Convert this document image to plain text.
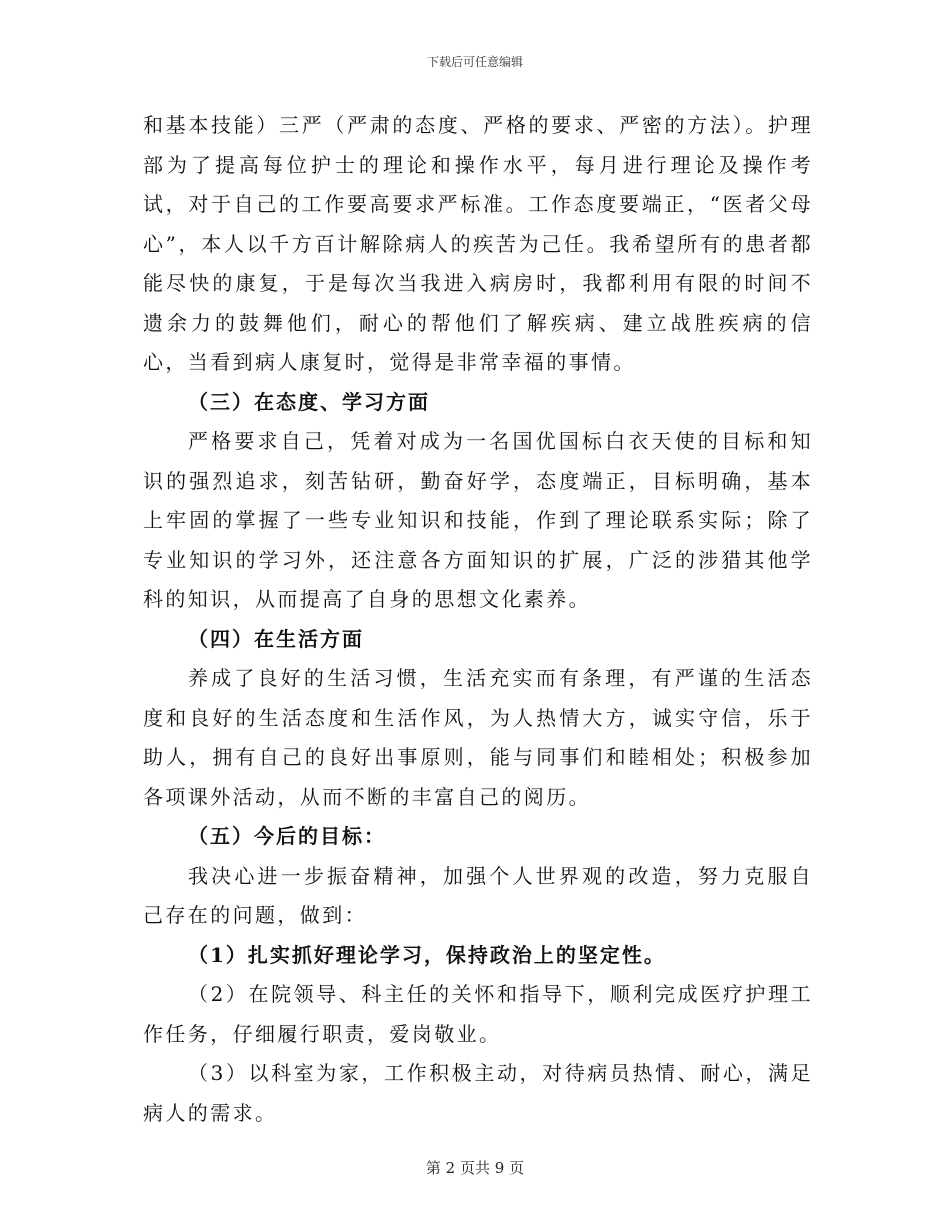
下载后可任意编辑

和基本技能）三严（严肃的态度、严格的要求、严密的方法）。护理部为了提高每位护士的理论和操作水平，每月进行理论及操作考试，对于自己的工作要高要求严标准。工作态度要端正，“医者父母心”，本人以千方百计解除病人的疾苦为己任。我希望所有的患者都能尽快的康复，于是每次当我进入病房时，我都利用有限的时间不遗余力的鼓舞他们，耐心的帮他们了解疾病、建立战胜疾病的信心，当看到病人康复时，觉得是非常幸福的事情。

（三）在态度、学习方面

严格要求自己，凭着对成为一名国优国标白衣天使的目标和知识的强烈追求，刻苦钻研，勤奋好学，态度端正，目标明确，基本上牢固的掌握了一些专业知识和技能，作到了理论联系实际；除了专业知识的学习外，还注意各方面知识的扩展，广泛的涉猎其他学科的知识，从而提高了自身的思想文化素养。

（四）在生活方面

养成了良好的生活习惯，生活充实而有条理，有严谨的生活态度和良好的生活态度和生活作风，为人热情大方，诚实守信，乐于助人，拥有自己的良好出事原则，能与同事们和睦相处；积极参加各项课外活动，从而不断的丰富自己的阅历。

（五）今后的目标：

我决心进一步振奋精神，加强个人世界观的改造，努力克服自己存在的问题，做到：

（1）扎实抓好理论学习，保持政治上的坚定性。

（2）在院领导、科主任的关怀和指导下，顺利完成医疗护理工作任务，仔细履行职责，爱岗敬业。

（3）以科室为家，工作积极主动，对待病员热情、耐心，满足病人的需求。

第 2 页共 9 页
